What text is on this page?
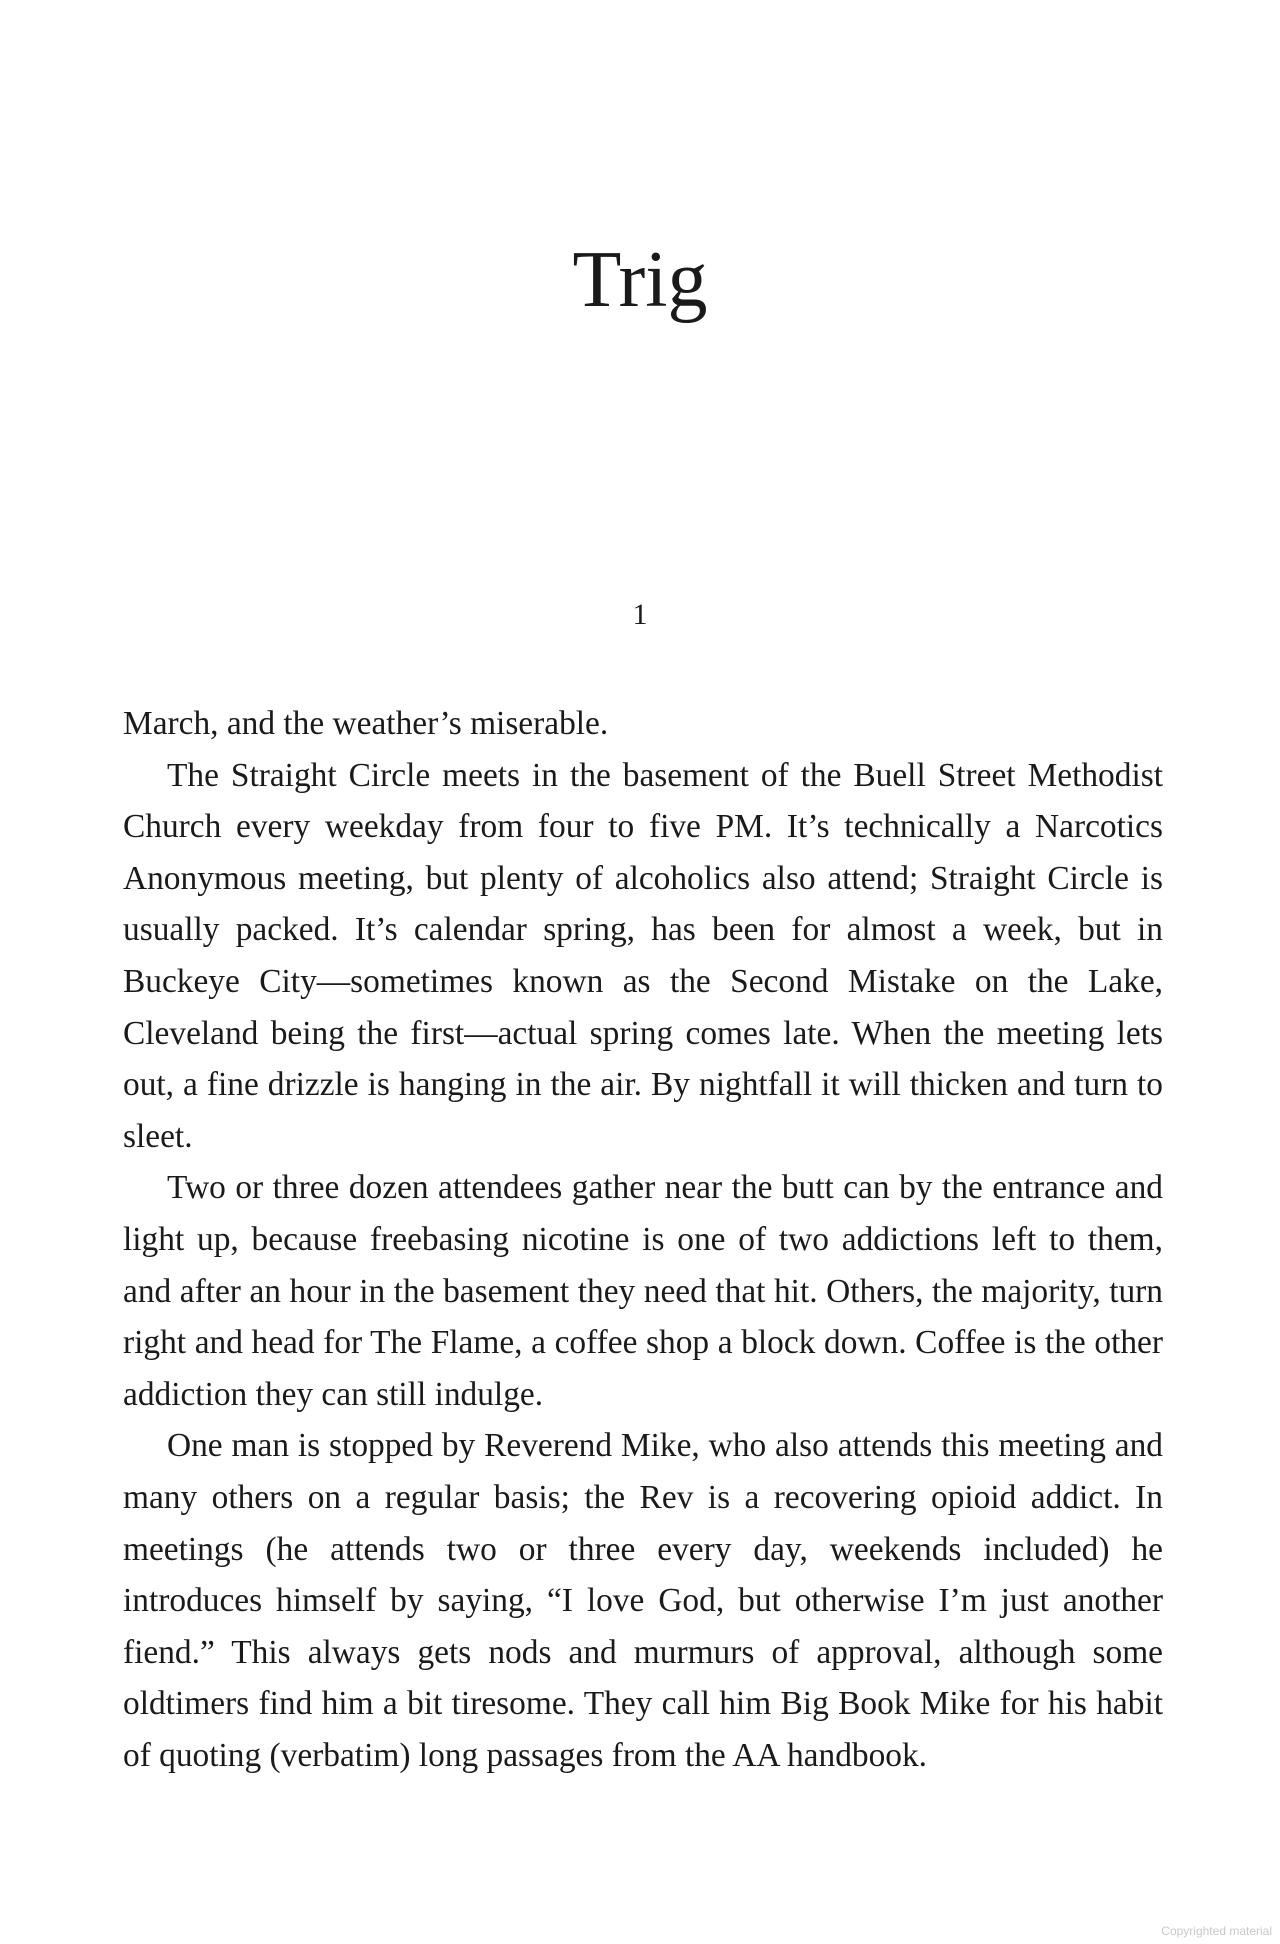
Trig
1

March, and the weather’s miserable.

The Straight Circle meets in the basement of the Buell Street Methodist Church every weekday from four to five PM. It’s technically a Narcotics Anonymous meeting, but plenty of alcoholics also attend; Straight Circle is usually packed. It’s calendar spring, has been for almost a week, but in Buckeye City—sometimes known as the Second Mistake on the Lake, Cleveland being the first—actual spring comes late. When the meeting lets out, a fine drizzle is hanging in the air. By nightfall it will thicken and turn to sleet.

Two or three dozen attendees gather near the butt can by the entrance and light up, because freebasing nicotine is one of two addictions left to them, and after an hour in the basement they need that hit. Others, the majority, turn right and head for The Flame, a coffee shop a block down. Coffee is the other addiction they can still indulge.

One man is stopped by Reverend Mike, who also attends this meeting and many others on a regular basis; the Rev is a recovering opioid addict. In meetings (he attends two or three every day, weekends included) he introduces himself by saying, “I love God, but otherwise I’m just another fiend.” This always gets nods and murmurs of approval, although some oldtimers find him a bit tiresome. They call him Big Book Mike for his habit of quoting (verbatim) long passages from the AA handbook.

Copyrighted material
